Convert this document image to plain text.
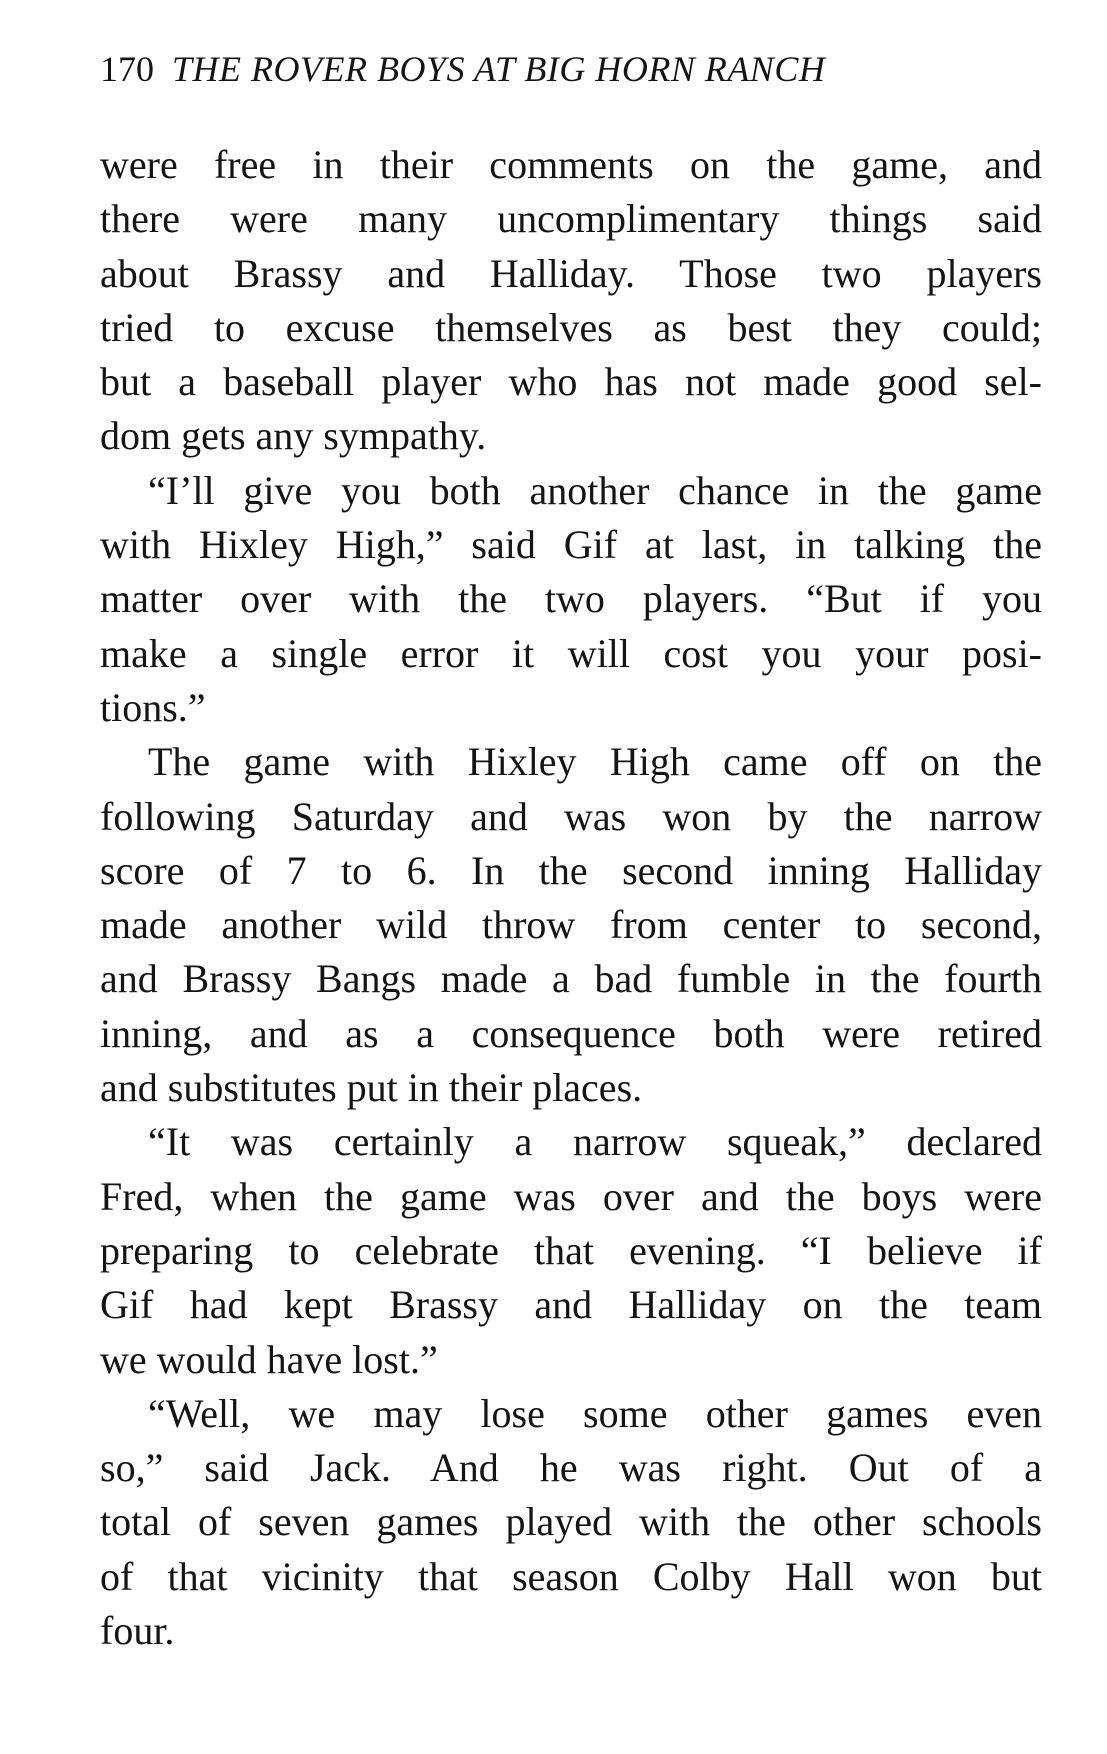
170 THE ROVER BOYS AT BIG HORN RANCH
were free in their comments on the game, and
there were many uncomplimentary things said
about Brassy and Halliday. Those two players
tried to excuse themselves as best they could;
but a baseball player who has not made good sel-
dom gets any sympathy.
“I’ll give you both another chance in the game
with Hixley High,” said Gif at last, in talking the
matter over with the two players. “But if you
make a single error it will cost you your posi-
tions.”
The game with Hixley High came off on the
following Saturday and was won by the narrow
score of 7 to 6. In the second inning Halliday
made another wild throw from center to second,
and Brassy Bangs made a bad fumble in the fourth
inning, and as a consequence both were retired
and substitutes put in their places.
“It was certainly a narrow squeak,” declared
Fred, when the game was over and the boys were
preparing to celebrate that evening. “I believe if
Gif had kept Brassy and Halliday on the team
we would have lost.”
“Well, we may lose some other games even
so,” said Jack. And he was right. Out of a
total of seven games played with the other schools
of that vicinity that season Colby Hall won but
four.
